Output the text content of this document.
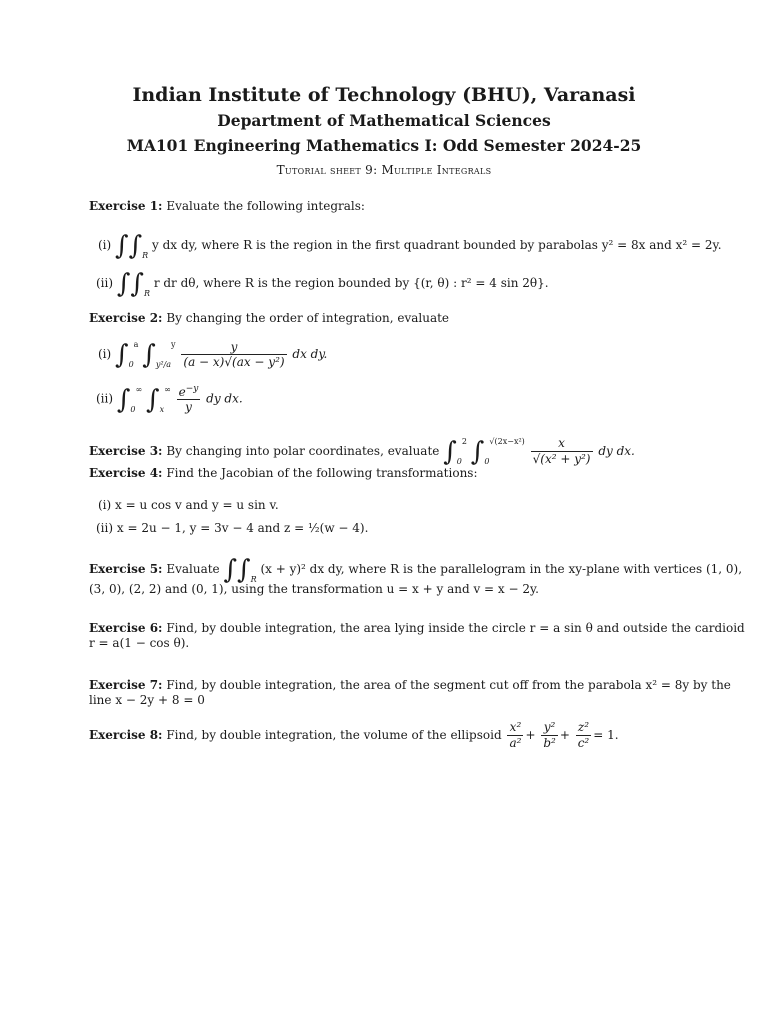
Indian Institute of Technology (BHU), Varanasi
Department of Mathematical Sciences
MA101 Engineering Mathematics I: Odd Semester 2024-25
Tutorial sheet 9: Multiple Integrals
Exercise 1: Evaluate the following integrals:
(i) $\int\int_R$ y dx dy, where R is the region in the first quadrant bounded by parabolas y² = 8x and x² = 2y.
(ii) $\int\int_R$ r dr dθ, where R is the region bounded by {(r, θ) : r² = 4 sin 2θ}.
Exercise 2: By changing the order of integration, evaluate
(i) $\int_0^a$ $\int_{y^2/a}^y \frac{y}{\text{(a − x)√(ax − y²)}}$ dx dy.
(ii) $\int_0^\infty$ $\int_x^\infty \frac{e^{-y}}{y}$ dy dx.
Exercise 3: By changing into polar coordinates, evaluate $\int_0^2$ $\int_0^{√(2x-x^2)} \frac{x}{\text{√(x² + y²)}}$ dy dx.
Exercise 4: Find the Jacobian of the following transformations:
(i) x = u cos v and y = u sin v.
(ii) x = 2u − 1, y = 3v − 4 and z = ½(w − 4).
Exercise 5: Evaluate $\int\int_R$ (x + y)² dx dy, where R is the parallelogram in the xy-plane with vertices (1, 0),
(3, 0), (2, 2) and (0, 1), using the transformation u = x + y and v = x − 2y.
Exercise 6: Find, by double integration, the area lying inside the circle r = a sin θ and outside the cardioid
r = a(1 − cos θ).
Exercise 7: Find, by double integration, the area of the segment cut off from the parabola x² = 8y by the
line x − 2y + 8 = 0
Exercise 8: Find, by double integration, the volume of the ellipsoid $\frac{\text{x²}}{\text{a²}} + \frac{\text{y²}}{\text{b²}} + \frac{\text{z²}}{\text{c²}} = 1$.
